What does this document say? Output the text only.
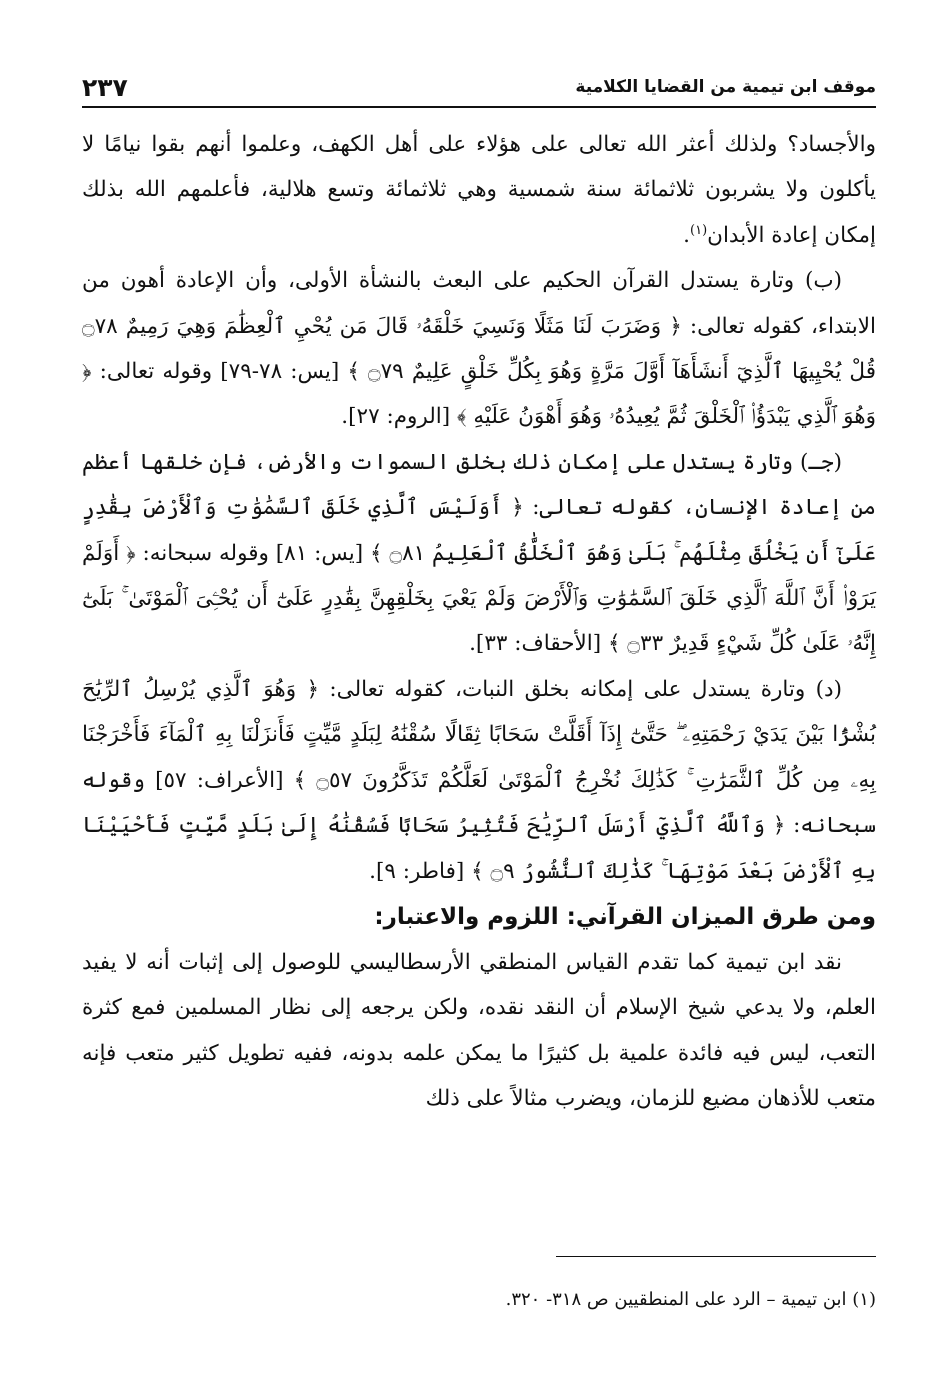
موقف ابن تيمية من القضايا الكلامية
٢٣٧

والأجساد؟ ولذلك أعثر الله تعالى على هؤلاء على أهل الكهف، وعلموا أنهم بقوا نيامًا لا يأكلون ولا يشربون ثلاثمائة سنة شمسية وهي ثلاثمائة وتسع هلالية، فأعلمهم الله بذلك إمكان إعادة الأبدان$^{(١)}$.

(ب) وتارة يستدل القرآن الحكيم على البعث بالنشأة الأولى، وأن الإعادة أهون من الابتداء، كقوله تعالى: ﴿ وَضَرَبَ لَنَا مَثَلًا وَنَسِيَ خَلْقَهُۥ قَالَ مَن يُحْيِ ٱلْعِظَٰمَ وَهِيَ رَمِيمٌ ۝٧٨ قُلْ يُحْيِيهَا ٱلَّذِيٓ أَنشَأَهَآ أَوَّلَ مَرَّةٍ وَهُوَ بِكُلِّ خَلْقٍ عَلِيمٌ ۝٧٩ ﴾ [يس: ٧٨-٧٩] وقوله تعالى: ﴿ وَهُوَ ٱلَّذِي يَبْدَؤُا۟ ٱلْخَلْقَ ثُمَّ يُعِيدُهُۥ وَهُوَ أَهْوَنُ عَلَيْهِ ﴾ [الروم: ٢٧].

(جـ) وتارة يستدل على إمكان ذلك بخلق السموات والأرض، فإن خلقها أعظم من إعادة الإنسان، كقوله تعالى: ﴿ أَوَلَيْسَ ٱلَّذِي خَلَقَ ٱلسَّمَٰوَٰتِ وَٱلْأَرْضَ بِقَٰدِرٍ عَلَىٰٓ أَن يَخْلُقَ مِثْلَهُم ۚ بَلَىٰ وَهُوَ ٱلْخَلَّٰقُ ٱلْعَلِيمُ ۝٨١ ﴾ [يس: ٨١] وقوله سبحانه: ﴿ أَوَلَمْ يَرَوْا۟ أَنَّ ٱللَّهَ ٱلَّذِي خَلَقَ ٱلسَّمَٰوَٰتِ وَٱلْأَرْضَ وَلَمْ يَعْيَ بِخَلْقِهِنَّ بِقَٰدِرٍ عَلَىٰٓ أَن يُحْـِۧىَ ٱلْمَوْتَىٰ ۚ بَلَىٰٓ إِنَّهُۥ عَلَىٰ كُلِّ شَيْءٍ قَدِيرٌ ۝٣٣ ﴾ [الأحقاف: ٣٣].

(د) وتارة يستدل على إمكانه بخلق النبات، كقوله تعالى: ﴿ وَهُوَ ٱلَّذِي يُرْسِلُ ٱلرِّيَٰحَ بُشْرًۢا بَيْنَ يَدَيْ رَحْمَتِهِۦ ۖ حَتَّىٰٓ إِذَآ أَقَلَّتْ سَحَابًا ثِقَالًا سُقْنَٰهُ لِبَلَدٍ مَّيِّتٍ فَأَنزَلْنَا بِهِ ٱلْمَآءَ فَأَخْرَجْنَا بِهِۦ مِن كُلِّ ٱلثَّمَرَٰتِ ۚ كَذَٰلِكَ نُخْرِجُ ٱلْمَوْتَىٰ لَعَلَّكُمْ تَذَكَّرُونَ ۝٥٧ ﴾ [الأعراف: ٥٧] وقوله سبحانه: ﴿ وَٱللَّهُ ٱلَّذِيٓ أَرْسَلَ ٱلرِّيَٰحَ فَتُثِيرُ سَحَابًا فَسُقْنَٰهُ إِلَىٰ بَلَدٍ مَّيِّتٍ فَأَحْيَيْنَا بِهِ ٱلْأَرْضَ بَعْدَ مَوْتِهَا ۚ كَذَٰلِكَ ٱلنُّشُورُ ۝٩ ﴾ [فاطر: ٩].

ومن طرق الميزان القرآني: اللزوم والاعتبار:

نقد ابن تيمية كما تقدم القياس المنطقي الأرسطاليسي للوصول إلى إثبات أنه لا يفيد العلم، ولا يدعي شيخ الإسلام أن النقد نقده، ولكن يرجعه إلى نظار المسلمين فمع كثرة التعب، ليس فيه فائدة علمية بل كثيرًا ما يمكن علمه بدونه، ففيه تطويل كثير متعب فإنه متعب للأذهان مضيع للزمان، ويضرب مثالاً على ذلك

(١) ابن تيمية – الرد على المنطقيين ص ٣١٨- ٣٢٠.
